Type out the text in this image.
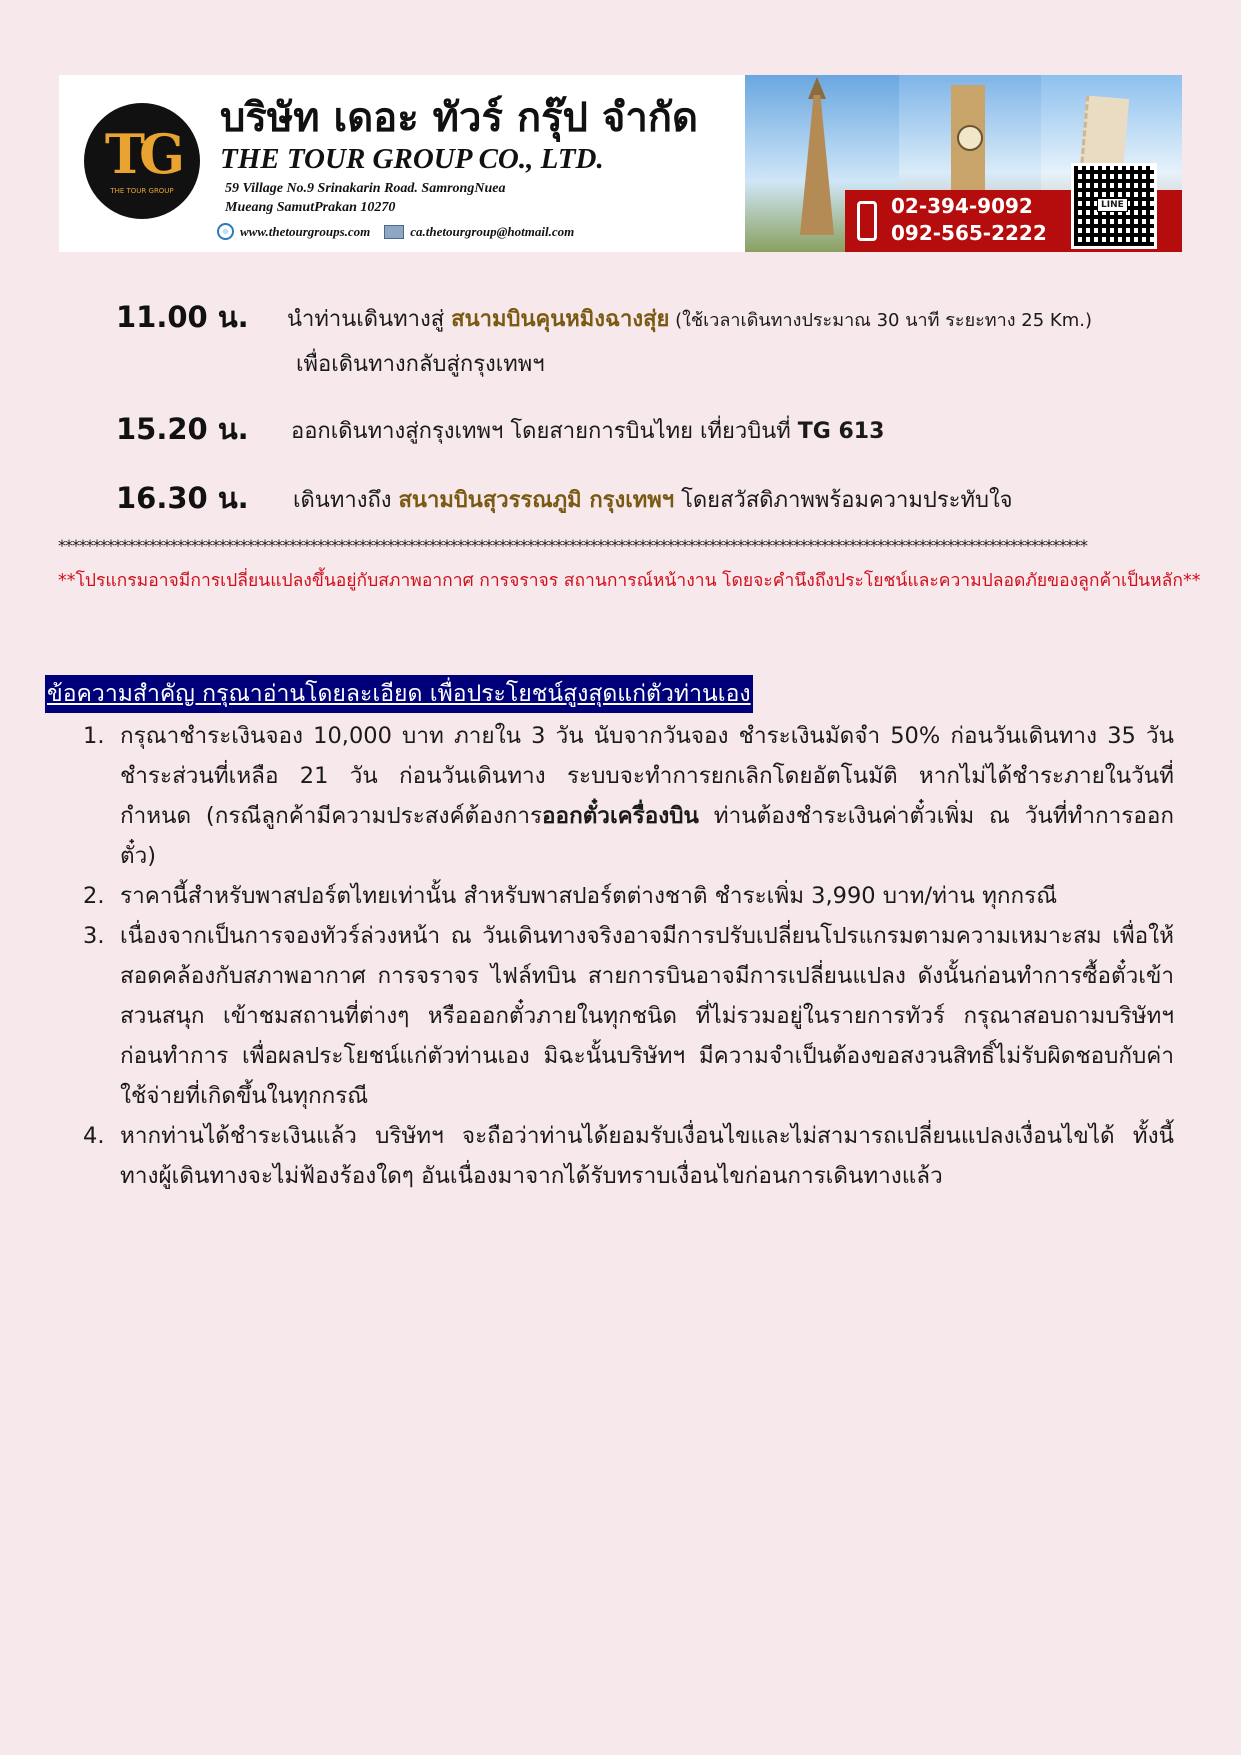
TG
THE TOUR GROUP
บริษัท เดอะ ทัวร์ กรุ๊ป จำกัด
THE TOUR GROUP CO., LTD.
59 Village No.9 Srinakarin Road. SamrongNuea
Mueang SamutPrakan 10270
www.thetourgroups.com	ca.thetourgroup@hotmail.com
02-394-9092
092-565-2222
LINE
11.00 น. นำท่านเดินทางสู่ สนามบินคุนหมิงฉางสุ่ย (ใช้เวลาเดินทางประมาณ 30 นาที ระยะทาง 25 Km.)
เพื่อเดินทางกลับสู่กรุงเทพฯ
15.20 น. ออกเดินทางสู่กรุงเทพฯ โดยสายการบินไทย เที่ยวบินที่ TG 613
16.30 น. เดินทางถึง สนามบินสุวรรณภูมิ กรุงเทพฯ โดยสวัสดิภาพพร้อมความประทับใจ
***************************************************************************************************************************************************
**โปรแกรมอาจมีการเปลี่ยนแปลงขึ้นอยู่กับสภาพอากาศ การจราจร สถานการณ์หน้างาน โดยจะคำนึงถึงประโยชน์และความปลอดภัยของลูกค้าเป็นหลัก**
ข้อความสำคัญ กรุณาอ่านโดยละเอียด เพื่อประโยชน์สูงสุดแก่ตัวท่านเอง
1. กรุณาชำระเงินจอง 10,000 บาท ภายใน 3 วัน นับจากวันจอง ชำระเงินมัดจำ 50% ก่อนวันเดินทาง 35 วัน ชำระส่วนที่เหลือ 21 วัน ก่อนวันเดินทาง ระบบจะทำการยกเลิกโดยอัตโนมัติ หากไม่ได้ชำระภายในวันที่กำหนด (กรณีลูกค้ามีความประสงค์ต้องการออกตั๋วเครื่องบิน ท่านต้องชำระเงินค่าตั๋วเพิ่ม ณ วันที่ทำการออกตั๋ว)
2. ราคานี้สำหรับพาสปอร์ตไทยเท่านั้น สำหรับพาสปอร์ตต่างชาติ ชำระเพิ่ม 3,990 บาท/ท่าน ทุกกรณี
3. เนื่องจากเป็นการจองทัวร์ล่วงหน้า ณ วันเดินทางจริงอาจมีการปรับเปลี่ยนโปรแกรมตามความเหมาะสม เพื่อให้สอดคล้องกับสภาพอากาศ การจราจร ไฟล์ทบิน สายการบินอาจมีการเปลี่ยนแปลง ดังนั้นก่อนทำการซื้อตั๋วเข้าสวนสนุก เข้าชมสถานที่ต่างๆ หรือออกตั๋วภายในทุกชนิด ที่ไม่รวมอยู่ในรายการทัวร์ กรุณาสอบถามบริษัทฯ ก่อนทำการ เพื่อผลประโยชน์แก่ตัวท่านเอง มิฉะนั้นบริษัทฯ มีความจำเป็นต้องขอสงวนสิทธิ์ไม่รับผิดชอบกับค่าใช้จ่ายที่เกิดขึ้นในทุกกรณี
4. หากท่านได้ชำระเงินแล้ว บริษัทฯ จะถือว่าท่านได้ยอมรับเงื่อนไขและไม่สามารถเปลี่ยนแปลงเงื่อนไขได้ ทั้งนี้ ทางผู้เดินทางจะไม่ฟ้องร้องใดๆ อันเนื่องมาจากได้รับทราบเงื่อนไขก่อนการเดินทางแล้ว
